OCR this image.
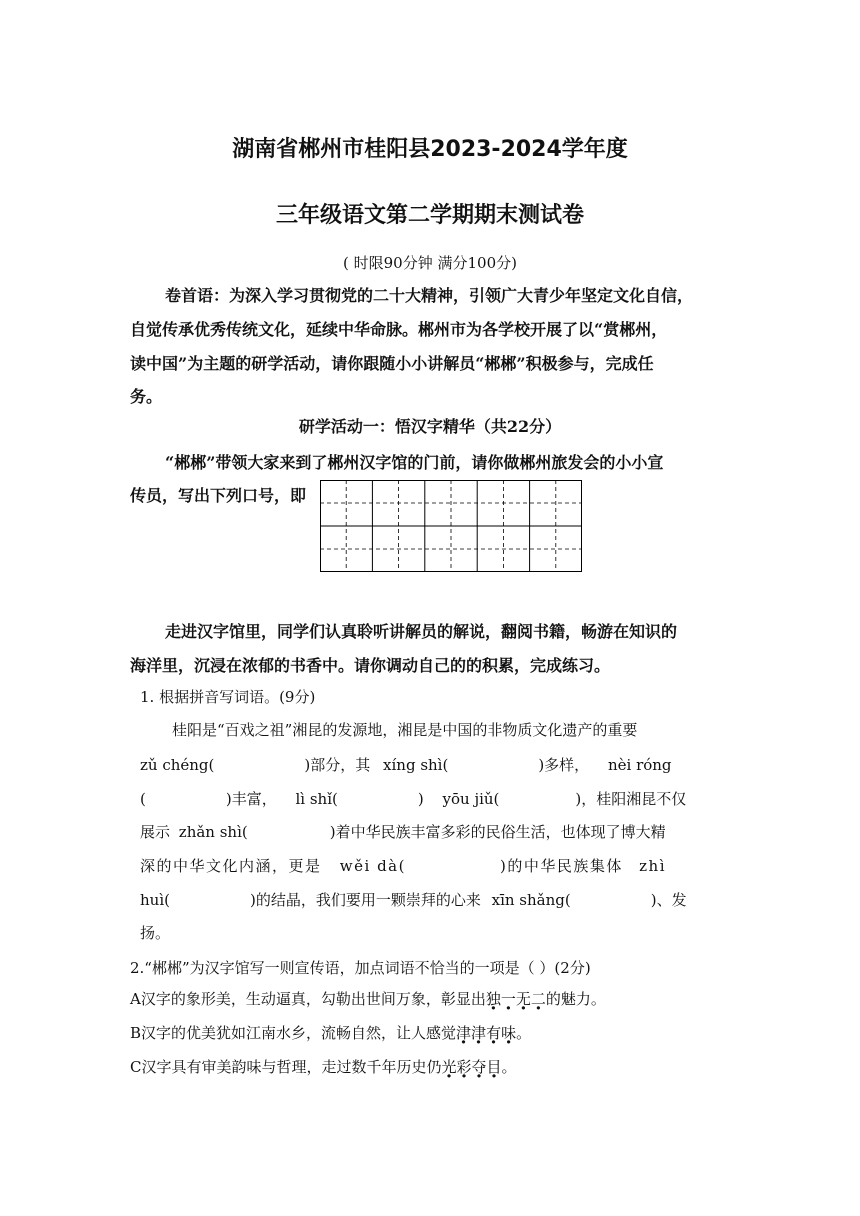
湖南省郴州市桂阳县2023-2024学年度
三年级语文第二学期期末测试卷
( 时限90分钟 满分100分)
卷首语：为深入学习贯彻党的二十大精神，引领广大青少年坚定文化自信，
自觉传承优秀传统文化，延续中华命脉。郴州市为各学校开展了以“赏郴州，
读中国”为主题的研学活动，请你跟随小小讲解员“郴郴”积极参与，完成任
务。
研学活动一：悟汉字精华（共22分）
“郴郴”带领大家来到了郴州汉字馆的门前，请你做郴州旅发会的小小宣
传员，写出下列口号，即
走进汉字馆里，同学们认真聆听讲解员的解说，翻阅书籍，畅游在知识的
海洋里，沉浸在浓郁的书香中。请你调动自己的的积累，完成练习。
1. 根据拼音写词语。(9分)
桂阳是“百戏之祖”湘昆的发源地，湘昆是中国的非物质文化遗产的重要
zǔ chéng(	)部分，其 xíng shì(	)多样， nèi róng
(	)丰富， lì shǐ(	) yōu jiǔ(	)，桂阳湘昆不仅
展示 zhǎn shì(	)着中华民族丰富多彩的民俗生活，也体现了博大精
深的中华文化内涵，更是 wěi dà(	)的中华民族集体 zhì
huì(	)的结晶，我们要用一颗崇拜的心来 xīn shǎng(	)、发
扬。
2.“郴郴”为汉字馆写一则宣传语，加点词语不恰当的一项是（ ）(2分)
A汉字的象形美，生动逼真，勾勒出世间万象，彰显出独一无二的魅力。
B汉字的优美犹如江南水乡，流畅自然，让人感觉津津有味。
C汉字具有审美韵味与哲理，走过数千年历史仍光彩夺目。
